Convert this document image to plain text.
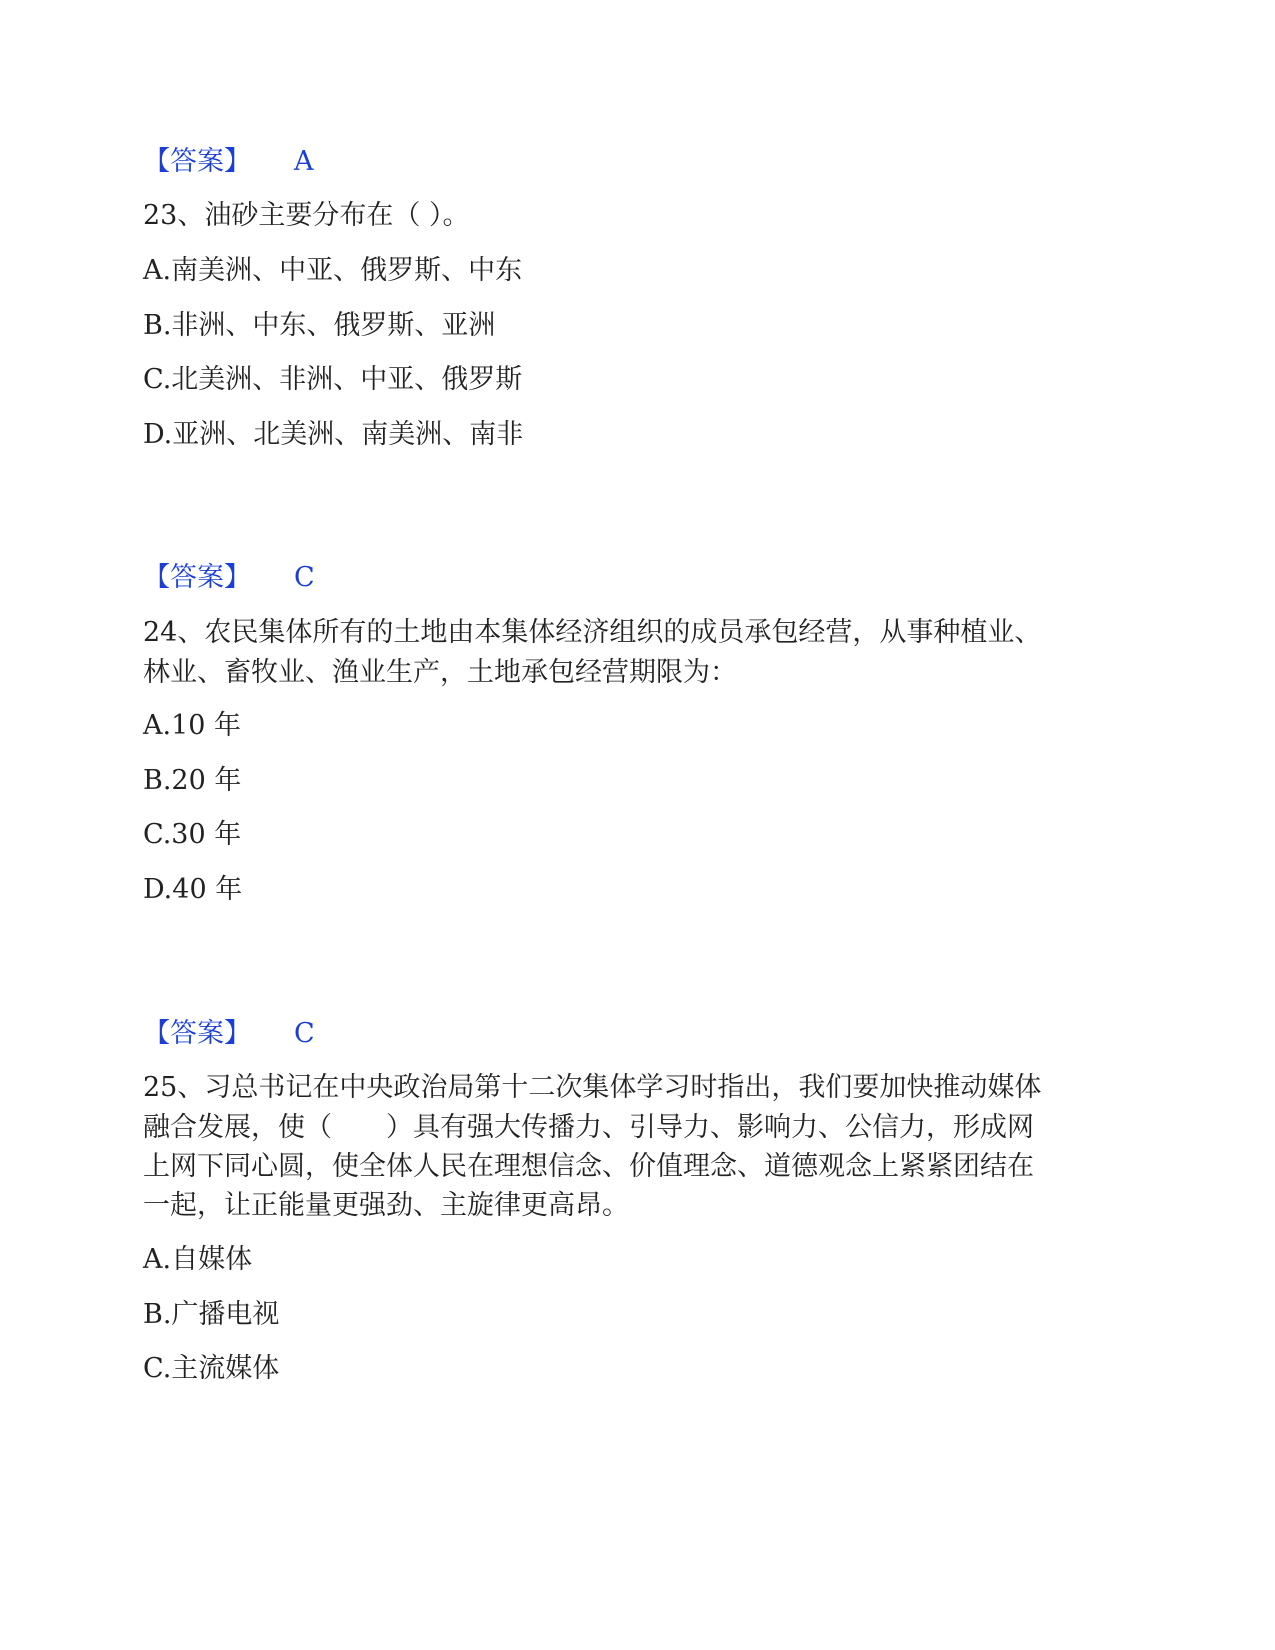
【答案】 A
23、油砂主要分布在（ ）。
A.南美洲、中亚、俄罗斯、中东
B.非洲、中东、俄罗斯、亚洲
C.北美洲、非洲、中亚、俄罗斯
D.亚洲、北美洲、南美洲、南非
【答案】 C
24、农民集体所有的土地由本集体经济组织的成员承包经营，从事种植业、
林业、畜牧业、渔业生产，土地承包经营期限为：
A.10 年
B.20 年
C.30 年
D.40 年
【答案】 C
25、习总书记在中央政治局第十二次集体学习时指出，我们要加快推动媒体
融合发展，使（　　）具有强大传播力、引导力、影响力、公信力，形成网
上网下同心圆，使全体人民在理想信念、价值理念、道德观念上紧紧团结在
一起，让正能量更强劲、主旋律更高昂。
A.自媒体
B.广播电视
C.主流媒体
